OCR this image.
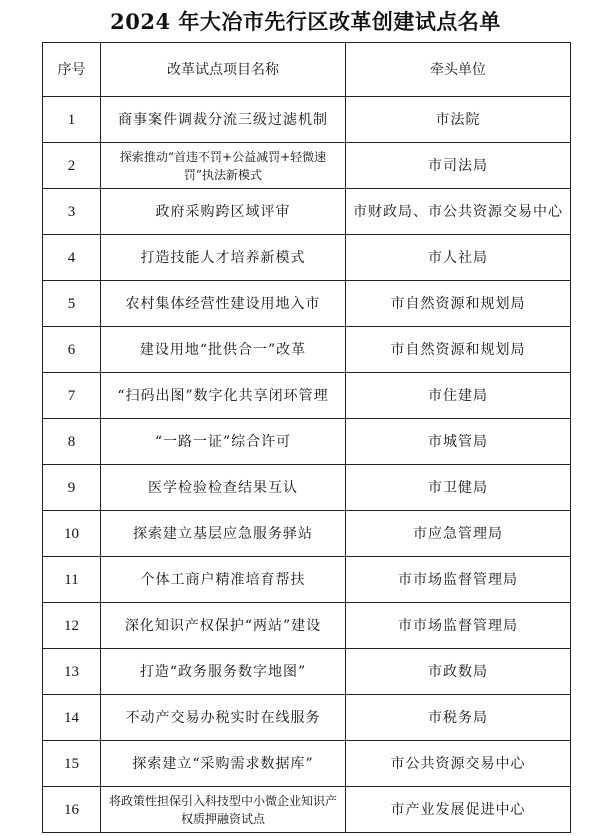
2024 年大冶市先行区改革创建试点名单
序号	改革试点项目名称	牵头单位
1	商事案件调裁分流三级过滤机制	市法院
2	探索推动“首违不罚+公益减罚+轻微速罚”执法新模式	市司法局
3	政府采购跨区域评审	市财政局、市公共资源交易中心
4	打造技能人才培养新模式	市人社局
5	农村集体经营性建设用地入市	市自然资源和规划局
6	建设用地“批供合一”改革	市自然资源和规划局
7	“扫码出图”数字化共享闭环管理	市住建局
8	“一路一证”综合许可	市城管局
9	医学检验检查结果互认	市卫健局
10	探索建立基层应急服务驿站	市应急管理局
11	个体工商户精准培育帮扶	市市场监督管理局
12	深化知识产权保护“两站”建设	市市场监督管理局
13	打造“政务服务数字地图”	市政数局
14	不动产交易办税实时在线服务	市税务局
15	探索建立“采购需求数据库”	市公共资源交易中心
16	将政策性担保引入科技型中小微企业知识产权质押融资试点	市产业发展促进中心
